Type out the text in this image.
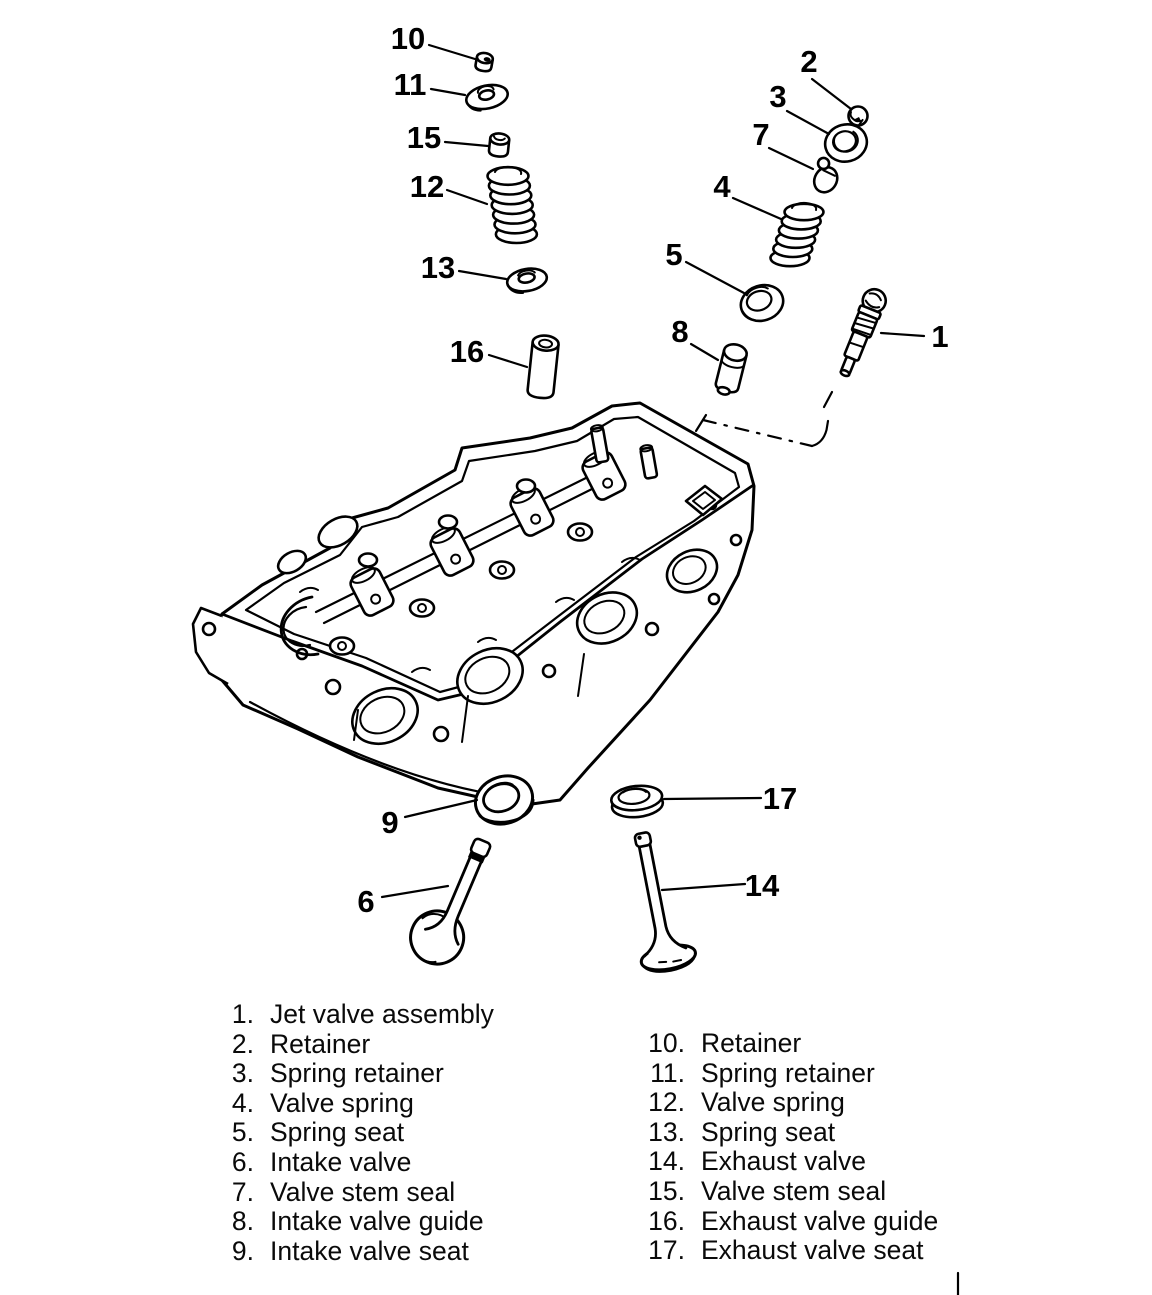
1
2
3
4
5
6
7
8
9
10
11
12
13
14
15
16
17
1. Jet valve assembly
2. Retainer
3. Spring retainer
4. Valve spring
5. Spring seat
6. Intake valve
7. Valve stem seal
8. Intake valve guide
9. Intake valve seat
10. Retainer
11. Spring retainer
12. Valve spring
13. Spring seat
14. Exhaust valve
15. Valve stem seal
16. Exhaust valve guide
17. Exhaust valve seat
